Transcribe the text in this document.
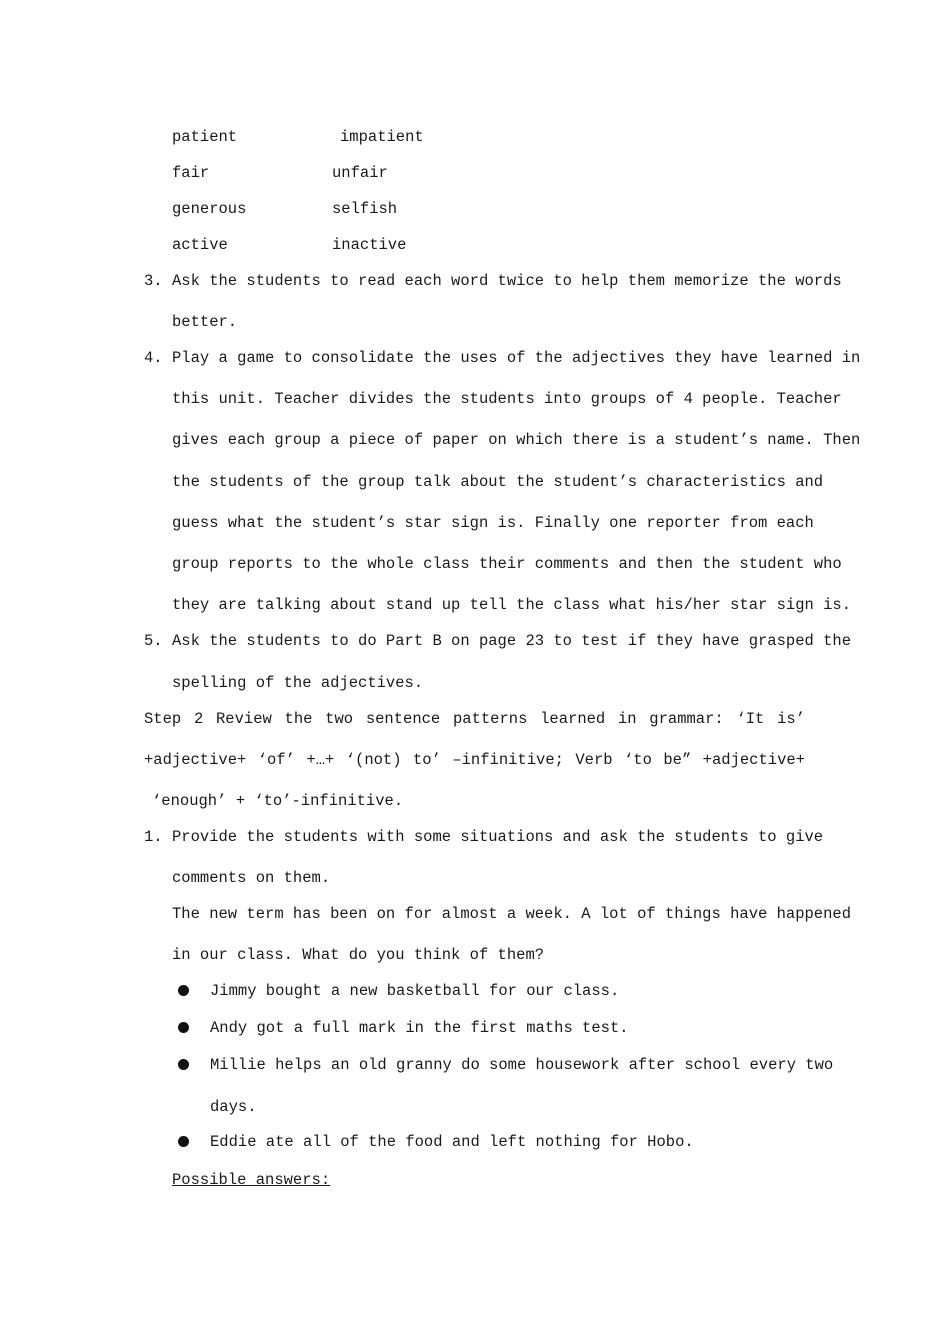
patient	impatient
fair	unfair
generous	selfish
active	inactive
3. Ask the students to read each word twice to help them memorize the words
better.
4. Play a game to consolidate the uses of the adjectives they have learned in
this unit. Teacher divides the students into groups of 4 people. Teacher
gives each group a piece of paper on which there is a student’s name. Then
the students of the group talk about the student’s characteristics and
guess what the student’s star sign is. Finally one reporter from each
group reports to the whole class their comments and then the student who
they are talking about stand up tell the class what his/her star sign is.
5. Ask the students to do Part B on page 23 to test if they have grasped the
spelling of the adjectives.
Step 2 Review the two sentence patterns learned in grammar: ‘It is’
+adjective+ ‘of’ +…+ ‘(not) to’ –infinitive; Verb ‘to be” +adjective+
‘enough’ + ‘to’-infinitive.
1. Provide the students with some situations and ask the students to give
comments on them.
The new term has been on for almost a week. A lot of things have happened
in our class. What do you think of them?
Jimmy bought a new basketball for our class.
Andy got a full mark in the first maths test.
Millie helps an old granny do some housework after school every two
days.
Eddie ate all of the food and left nothing for Hobo.
Possible answers:
